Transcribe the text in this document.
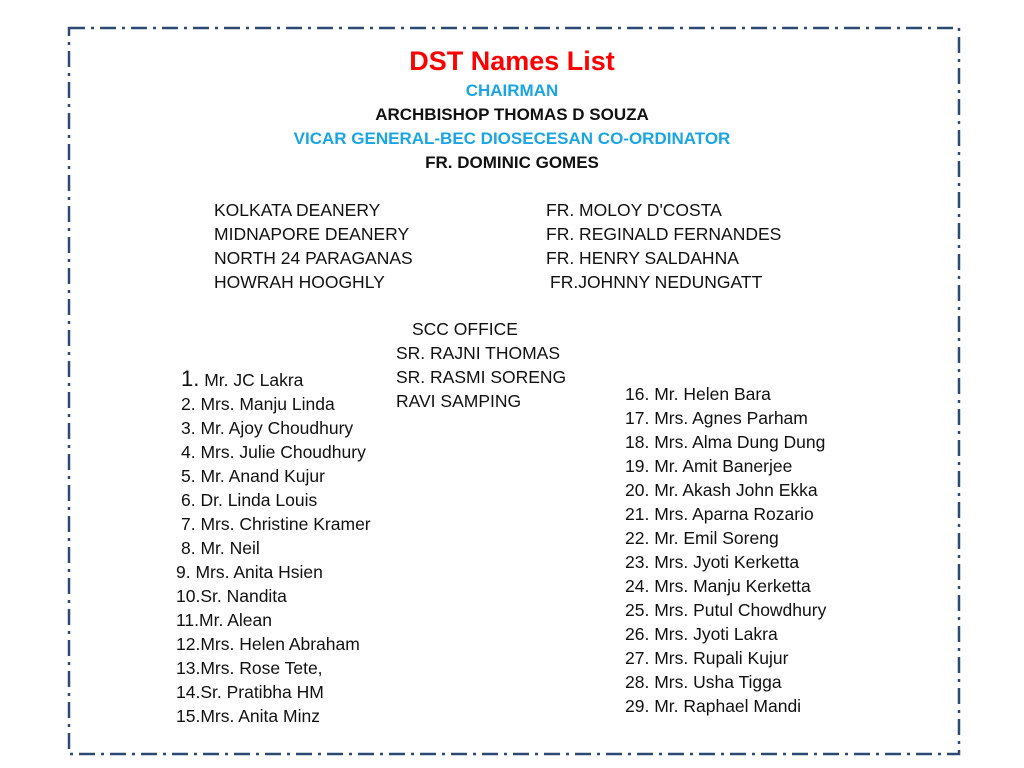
DST Names List
CHAIRMAN
ARCHBISHOP THOMAS D SOUZA
VICAR GENERAL-BEC DIOSECESAN CO-ORDINATOR
FR. DOMINIC GOMES
KOLKATA DEANERY
MIDNAPORE DEANERY
NORTH 24 PARAGANAS
HOWRAH HOOGHLY
FR. MOLOY D'COSTA
FR. REGINALD FERNANDES
FR. HENRY SALDAHNA
FR.JOHNNY NEDUNGATT
SCC OFFICE
SR. RAJNI THOMAS
SR. RASMI SORENG
RAVI SAMPING
1. Mr. JC Lakra
2. Mrs. Manju Linda
3. Mr. Ajoy Choudhury
4. Mrs. Julie Choudhury
5. Mr. Anand Kujur
6. Dr. Linda Louis
7. Mrs. Christine Kramer
8. Mr. Neil
9. Mrs. Anita Hsien
10.Sr. Nandita
11.Mr. Alean
12.Mrs. Helen Abraham
13.Mrs. Rose Tete,
14.Sr. Pratibha HM
15.Mrs. Anita Minz
16. Mr. Helen Bara
17. Mrs. Agnes Parham
18. Mrs. Alma Dung Dung
19. Mr. Amit Banerjee
20. Mr. Akash John Ekka
21. Mrs. Aparna Rozario
22. Mr. Emil Soreng
23. Mrs. Jyoti Kerketta
24. Mrs. Manju Kerketta
25. Mrs. Putul Chowdhury
26. Mrs. Jyoti Lakra
27. Mrs. Rupali Kujur
28. Mrs. Usha Tigga
29. Mr. Raphael Mandi
